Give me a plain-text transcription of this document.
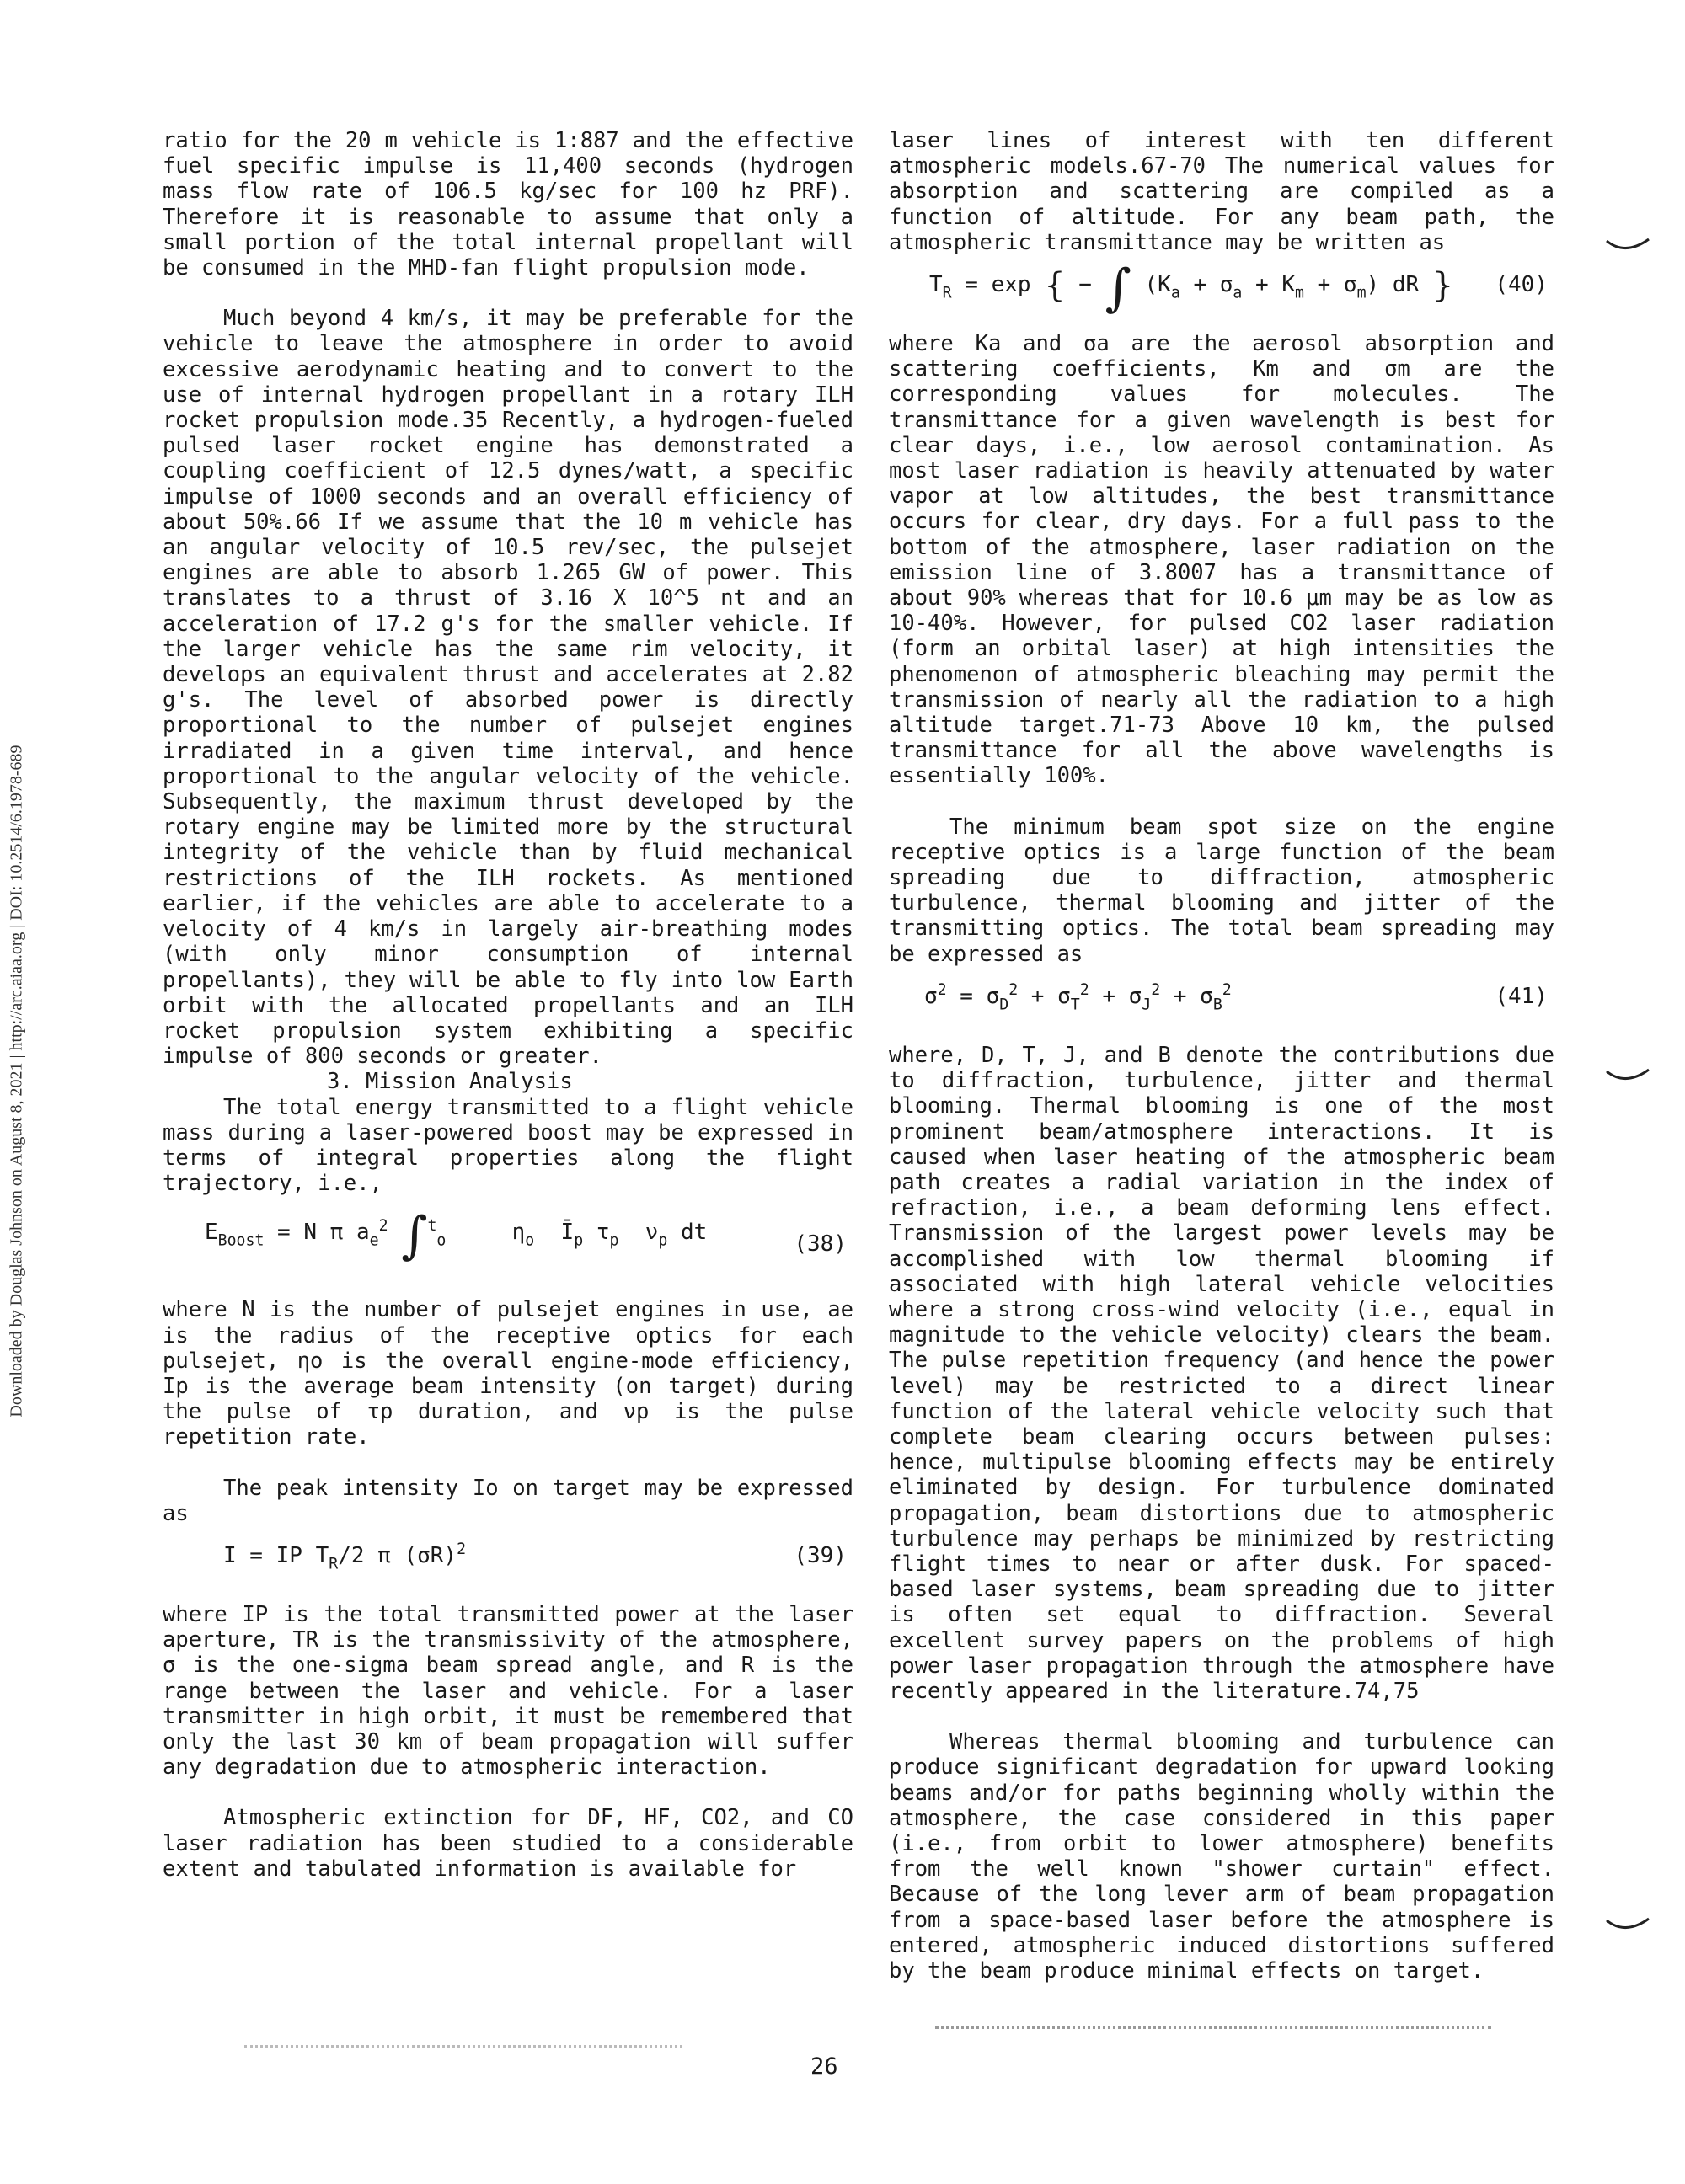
Downloaded by Douglas Johnson on August 8, 2021 | http://arc.aiaa.org | DOI: 10.2514/6.1978-689

ratio for the 20 m vehicle is 1:887 and the effective fuel specific impulse is 11,400 seconds (hydrogen mass flow rate of 106.5 kg/sec for 100 hz PRF). Therefore it is reasonable to assume that only a small portion of the total internal propellant will be consumed in the MHD-fan flight propulsion mode.

Much beyond 4 km/s, it may be preferable for the vehicle to leave the atmosphere in order to avoid excessive aerodynamic heating and to convert to the use of internal hydrogen propellant in a rotary ILH rocket propulsion mode.35 Recently, a hydrogen-fueled pulsed laser rocket engine has demonstrated a coupling coefficient of 12.5 dynes/watt, a specific impulse of 1000 seconds and an overall efficiency of about 50%.66 If we assume that the 10 m vehicle has an angular velocity of 10.5 rev/sec, the pulsejet engines are able to absorb 1.265 GW of power. This translates to a thrust of 3.16 X 10^5 nt and an acceleration of 17.2 g's for the smaller vehicle. If the larger vehicle has the same rim velocity, it develops an equivalent thrust and accelerates at 2.82 g's. The level of absorbed power is directly proportional to the number of pulsejet engines irradiated in a given time interval, and hence proportional to the angular velocity of the vehicle. Subsequently, the maximum thrust developed by the rotary engine may be limited more by the structural integrity of the vehicle than by fluid mechanical restrictions of the ILH rockets. As mentioned earlier, if the vehicles are able to accelerate to a velocity of 4 km/s in largely air-breathing modes (with only minor consumption of internal propellants), they will be able to fly into low Earth orbit with the allocated propellants and an ILH rocket propulsion system exhibiting a specific impulse of 800 seconds or greater.

3. Mission Analysis

The total energy transmitted to a flight vehicle mass during a laser-powered boost may be expressed in terms of integral properties along the flight trajectory, i.e.,

$E_{Boost} = N$ π $a_e^2$ ∫$^t_o$     $\eta_o$  $Ī_p$ $\tau_p$  $\nu_p$ dt	(38)

where N is the number of pulsejet engines in use, ae is the radius of the receptive optics for each pulsejet, ηo is the overall engine-mode efficiency, Ip is the average beam intensity (on target) during the pulse of τp duration, and νp is the pulse repetition rate.

The peak intensity Io on target may be expressed as

I = IP $T_R/2$ π $(\sigma R)^2$	(39)

where IP is the total transmitted power at the laser aperture, TR is the transmissivity of the atmosphere, σ is the one-sigma beam spread angle, and R is the range between the laser and vehicle. For a laser transmitter in high orbit, it must be remembered that only the last 30 km of beam propagation will suffer any degradation due to atmospheric interaction.

Atmospheric extinction for DF, HF, CO2, and CO laser radiation has been studied to a considerable extent and tabulated information is available for

laser lines of interest with ten different atmospheric models.67-70 The numerical values for absorption and scattering are compiled as a function of altitude. For any beam path, the atmospheric transmittance may be written as

$T_R = \exp$ { − ∫ $(K_a + \sigma_a + K_m + \sigma_m)$ dR } (40)

where Ka and σa are the aerosol absorption and scattering coefficients, Km and σm are the corresponding values for molecules. The transmittance for a given wavelength is best for clear days, i.e., low aerosol contamination. As most laser radiation is heavily attenuated by water vapor at low altitudes, the best transmittance occurs for clear, dry days. For a full pass to the bottom of the atmosphere, laser radiation on the emission line of 3.8007 has a transmittance of about 90% whereas that for 10.6 μm may be as low as 10-40%. However, for pulsed CO2 laser radiation (form an orbital laser) at high intensities the phenomenon of atmospheric bleaching may permit the transmission of nearly all the radiation to a high altitude target.71-73 Above 10 km, the pulsed transmittance for all the above wavelengths is essentially 100%.

The minimum beam spot size on the engine receptive optics is a large function of the beam spreading due to diffraction, atmospheric turbulence, thermal blooming and jitter of the transmitting optics. The total beam spreading may be expressed as

$\sigma^2 = \sigma_D^2 + \sigma_T^2 + \sigma_J^2 + \sigma_B^2$	(41)

where, D, T, J, and B denote the contributions due to diffraction, turbulence, jitter and thermal blooming. Thermal blooming is one of the most prominent beam/atmosphere interactions. It is caused when laser heating of the atmospheric beam path creates a radial variation in the index of refraction, i.e., a beam deforming lens effect. Transmission of the largest power levels may be accomplished with low thermal blooming if associated with high lateral vehicle velocities where a strong cross-wind velocity (i.e., equal in magnitude to the vehicle velocity) clears the beam. The pulse repetition frequency (and hence the power level) may be restricted to a direct linear function of the lateral vehicle velocity such that complete beam clearing occurs between pulses: hence, multipulse blooming effects may be entirely eliminated by design. For turbulence dominated propagation, beam distortions due to atmospheric turbulence may perhaps be minimized by restricting flight times to near or after dusk. For spaced-based laser systems, beam spreading due to jitter is often set equal to diffraction. Several excellent survey papers on the problems of high power laser propagation through the atmosphere have recently appeared in the literature.74,75

Whereas thermal blooming and turbulence can produce significant degradation for upward looking beams and/or for paths beginning wholly within the atmosphere, the case considered in this paper (i.e., from orbit to lower atmosphere) benefits from the well known "shower curtain" effect. Because of the long lever arm of beam propagation from a space-based laser before the atmosphere is entered, atmospheric induced distortions suffered by the beam produce minimal effects on target.

26
